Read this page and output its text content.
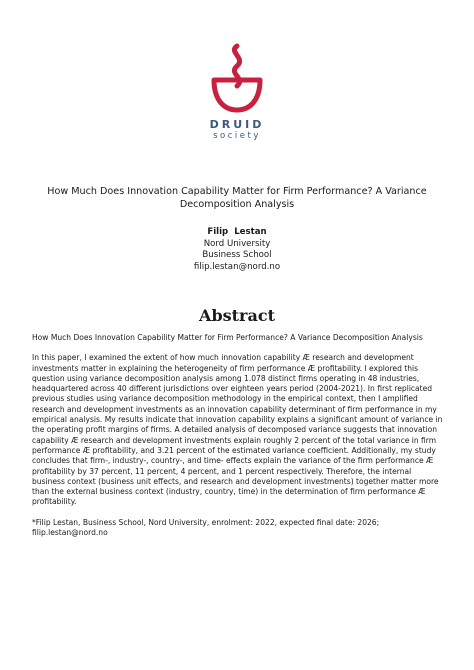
DRUID
society
How Much Does Innovation Capability Matter for Firm Performance? A Variance Decomposition Analysis
Filip Lestan
Nord University
Business School
filip.lestan@nord.no
Abstract

How Much Does Innovation Capability Matter for Firm Performance? A Variance Decomposition Analysis

In this paper, I examined the extent of how much innovation capability Æ research and development investments matter in explaining the heterogeneity of firm performance Æ profitability. I explored this question using variance decomposition analysis among 1.078 distinct firms operating in 48 industries, headquartered across 40 different jurisdictions over eighteen years period (2004-2021). In first replicated previous studies using variance decomposition methodology in the empirical context, then I amplified research and development investments as an innovation capability determinant of firm performance in my empirical analysis. My results indicate that innovation capability explains a significant amount of variance in the operating profit margins of firms. A detailed analysis of decomposed variance suggests that innovation capability Æ research and development investments explain roughly 2 percent of the total variance in firm performance Æ profitability, and 3.21 percent of the estimated variance coefficient. Additionally, my study concludes that firm-, industry-, country-, and time- effects explain the variance of the firm performance Æ profitability by 37 percent, 11 percent, 4 percent, and 1 percent respectively. Therefore, the internal business context (business unit effects, and research and development investments) together matter more than the external business context (industry, country, time) in the determination of firm performance Æ profitability.

*Filip Lestan, Business School, Nord University, enrolment: 2022, expected final date: 2026; filip.lestan@nord.no
